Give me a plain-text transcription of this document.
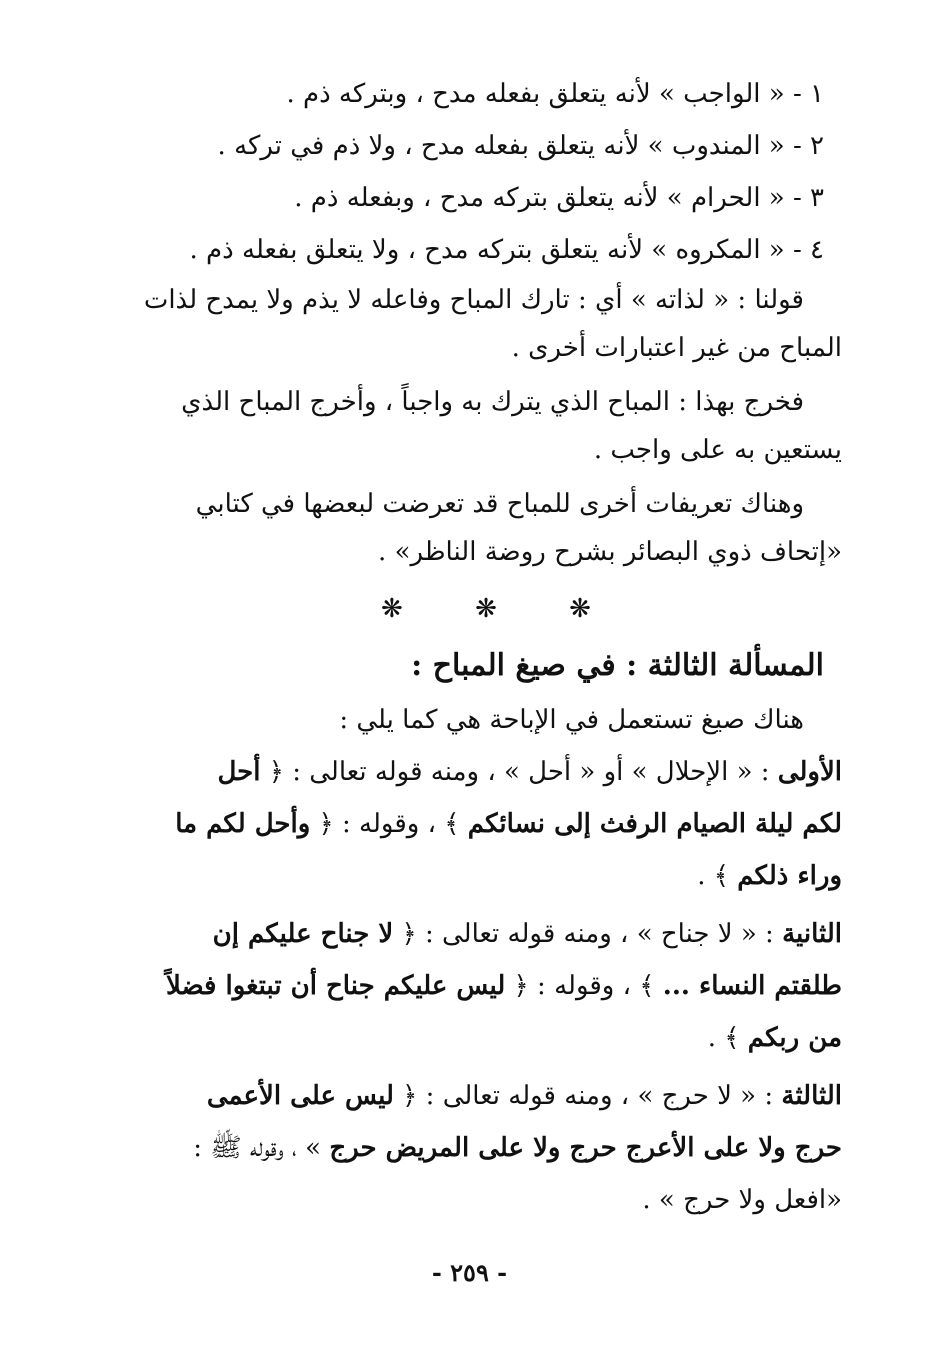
١ - « الواجب » لأنه يتعلق بفعله مدح ، وبتركه ذم .
٢ - « المندوب » لأنه يتعلق بفعله مدح ، ولا ذم في تركه .
٣ - « الحرام » لأنه يتعلق بتركه مدح ، وبفعله ذم .
٤ - « المكروه » لأنه يتعلق بتركه مدح ، ولا يتعلق بفعله ذم .
قولنا : « لذاته » أي : تارك المباح وفاعله لا يذم ولا يمدح لذات
المباح من غير اعتبارات أخرى .
فخرج بهذا : المباح الذي يترك به واجباً ، وأخرج المباح الذي
يستعين به على واجب .
وهناك تعريفات أخرى للمباح قد تعرضت لبعضها في كتابي
«إتحاف ذوي البصائر بشرح روضة الناظر» .
❋ ❋ ❋
المسألة الثالثة : في صيغ المباح :
هناك صيغ تستعمل في الإباحة هي كما يلي :
الأولى : « الإحلال » أو « أحل » ، ومنه قوله تعالى : ﴿ أحل
لكم ليلة الصيام الرفث إلى نسائكم ﴾ ، وقوله : ﴿ وأحل لكم ما
وراء ذلكم ﴾ .
الثانية : « لا جناح » ، ومنه قوله تعالى : ﴿ لا جناح عليكم إن
طلقتم النساء ... ﴾ ، وقوله : ﴿ ليس عليكم جناح أن تبتغوا فضلاً
من ربكم ﴾ .
الثالثة : « لا حرج » ، ومنه قوله تعالى : ﴿ ليس على الأعمى
حرج ولا على الأعرج حرج ولا على المريض حرج » ، وقوله ﷺ :
«افعل ولا حرج » .
- ٢٥٩ -
